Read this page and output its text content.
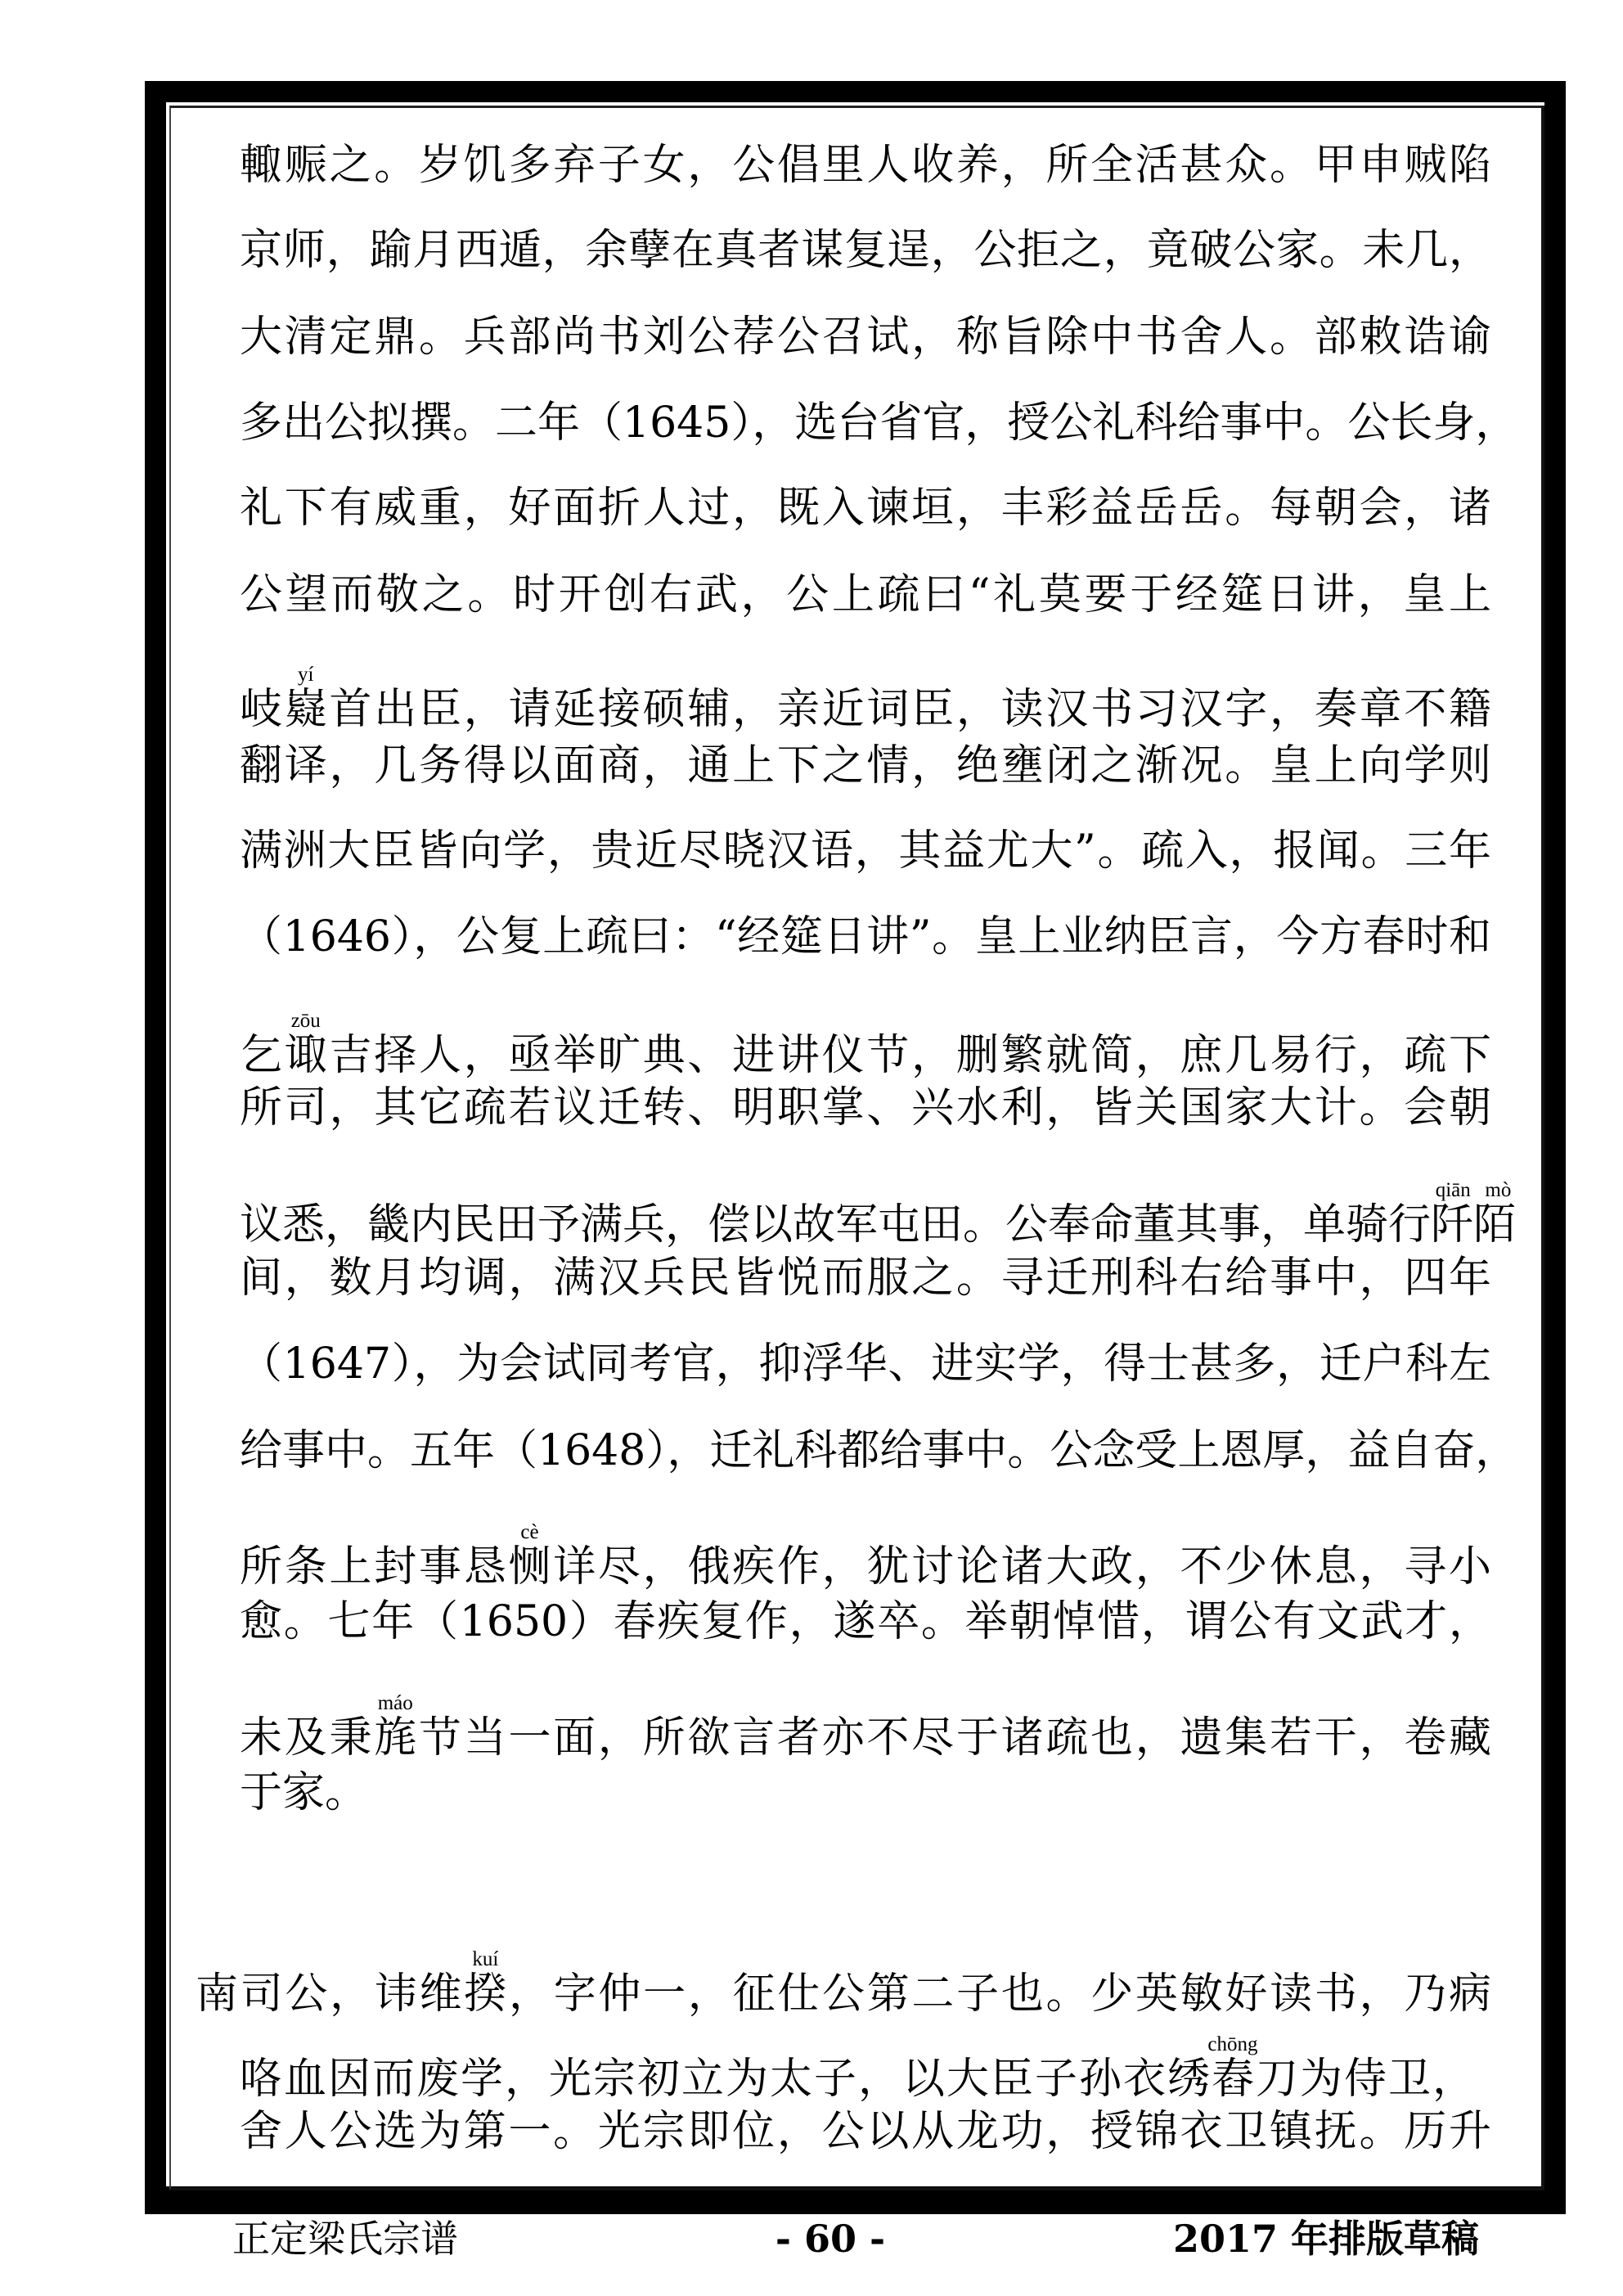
輙赈之。岁饥多弃子女，公倡里人收养，所全活甚众。甲申贼陷
京师，踰月西遁，余孽在真者谋复逞，公拒之，竟破公家。未几，
大清定鼎。兵部尚书刘公荐公召试，称旨除中书舍人。部敕诰谕
多出公拟撰。二年（1645），选台省官，授公礼科给事中。公长身，
礼下有威重，好面折人过，既入谏垣，丰彩益岳岳。每朝会，诸
公望而敬之。时开创右武，公上疏曰“礼莫要于经筵日讲，皇上
岐嶷yí首出臣，请延接硕辅，亲近词臣，读汉书习汉字，奏章不籍
翻译，几务得以面商，通上下之情，绝壅闭之渐况。皇上向学则
满洲大臣皆向学，贵近尽晓汉语，其益尤大”。疏入，报闻。三年
（1646），公复上疏曰：“经筵日讲”。皇上业纳臣言，今方春时和
乞诹zōu吉择人，亟举旷典、进讲仪节，删繁就简，庶几易行，疏下
所司，其它疏若议迁转、明职掌、兴水利，皆关国家大计。会朝
议悉，畿内民田予满兵，偿以故军屯田。公奉命董其事，单骑行阡陌qiān mò
间，数月均调，满汉兵民皆悦而服之。寻迁刑科右给事中，四年
（1647），为会试同考官，抑浮华、进实学，得士甚多，迁户科左
给事中。五年（1648），迁礼科都给事中。公念受上恩厚，益自奋，
所条上封事恳恻cè详尽，俄疾作，犹讨论诸大政，不少休息，寻小
愈。七年（1650）春疾复作，遂卒。举朝悼惜，谓公有文武才，
未及秉旄máo节当一面，所欲言者亦不尽于诸疏也，遗集若干，卷藏
于家。
南司公，讳维揆kuí，字仲一，征仕公第二子也。少英敏好读书，乃病
咯血因而废学，光宗初立为太子，以大臣子孙衣绣舂chōng刀为侍卫，
舍人公选为第一。光宗即位，公以从龙功，授锦衣卫镇抚。历升
正定梁氏宗谱	- 60 -	2017 年排版草稿
